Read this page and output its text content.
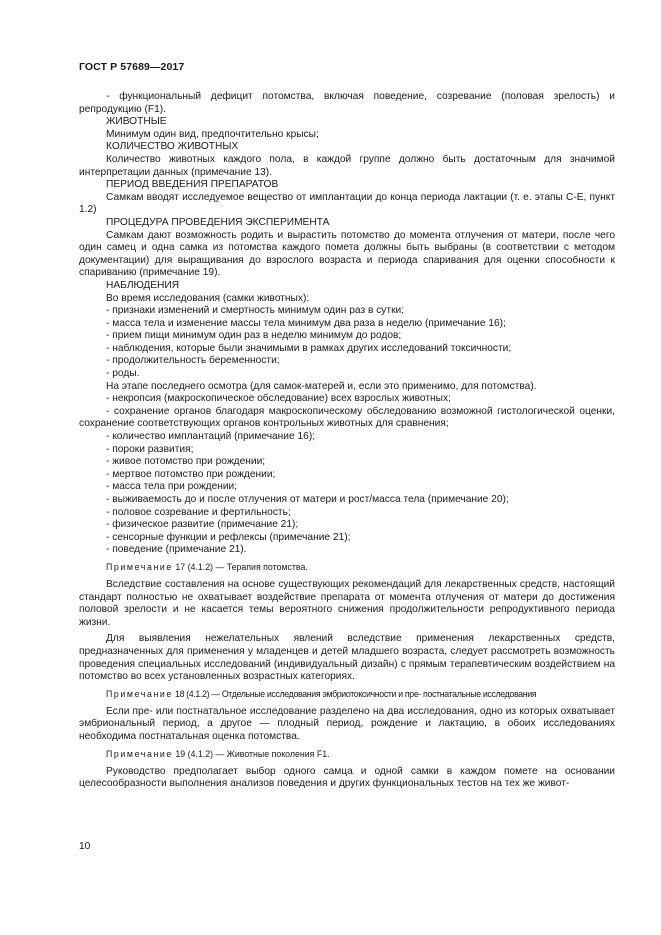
ГОСТ Р 57689—2017

- функциональный дефицит потомства, включая поведение, созревание (половая зрелость) и репродукцию (F1).

ЖИВОТНЫЕ

Минимум один вид, предпочтительно крысы;

КОЛИЧЕСТВО ЖИВОТНЫХ

Количество животных каждого пола, в каждой группе должно быть достаточным для значимой интерпретации данных (примечание 13).

ПЕРИОД ВВЕДЕНИЯ ПРЕПАРАТОВ

Самкам вводят исследуемое вещество от имплантации до конца периода лактации (т. е. этапы С-Е, пункт 1.2)

ПРОЦЕДУРА ПРОВЕДЕНИЯ ЭКСПЕРИМЕНТА

Самкам дают возможность родить и вырастить потомство до момента отлучения от матери, после чего один самец и одна самка из потомства каждого помета должны быть выбраны (в соответствии с методом документации) для выращивания до взрослого возраста и периода спаривания для оценки способности к спариванию (примечание 19).

НАБЛЮДЕНИЯ

Во время исследования (самки животных):

- признаки изменений и смертность минимум один раз в сутки;

- масса тела и изменение массы тела минимум два раза в неделю (примечание 16);

- прием пищи минимум один раз в неделю минимум до родов;

- наблюдения, которые были значимыми в рамках других исследований токсичности;

- продолжительность беременности;

- роды.

На этапе последнего осмотра (для самок-матерей и, если это применимо, для потомства).

- некропсия (макроскопическое обследование) всех взрослых животных;

- сохранение органов благодаря макроскопическому обследованию возможной гистологической оценки, сохранение соответствующих органов контрольных животных для сравнения;

- количество имплантаций (примечание 16);

- пороки развития;

- живое потомство при рождении;

- мертвое потомство при рождении;

- масса тела при рождении;

- выживаемость до и после отлучения от матери и рост/масса тела (примечание 20);

- половое созревание и фертильность;

- физическое развитие (примечание 21);

- сенсорные функции и рефлексы (примечание 21);

- поведение (примечание 21).

Примечание 17 (4.1.2) — Терапия потомства.

Вследствие составления на основе существующих рекомендаций для лекарственных средств, настоящий стандарт полностью не охватывает воздействие препарата от момента отлучения от матери до достижения половой зрелости и не касается темы вероятного снижения продолжительности репродуктивного периода жизни.

Для выявления нежелательных явлений вследствие применения лекарственных средств, предназначенных для применения у младенцев и детей младшего возраста, следует рассмотреть возможность проведения специальных исследований (индивидуальный дизайн) с прямым терапевтическим воздействием на потомство во всех установленных возрастных категориях.

Примечание 18 (4.1.2) — Отдельные исследования эмбриотоксичности и пре- постнатальные исследования

Если пре- или постнатальное исследование разделено на два исследования, одно из которых охватывает эмбриональный период, а другое — плодный период, рождение и лактацию, в обоих исследованиях необходима постнатальная оценка потомства.

Примечание 19 (4.1.2) — Животные поколения F1.

Руководство предполагает выбор одного самца и одной самки в каждом помете на основании целесообразности выполнения анализов поведения и других функциональных тестов на тех же живот-

10
